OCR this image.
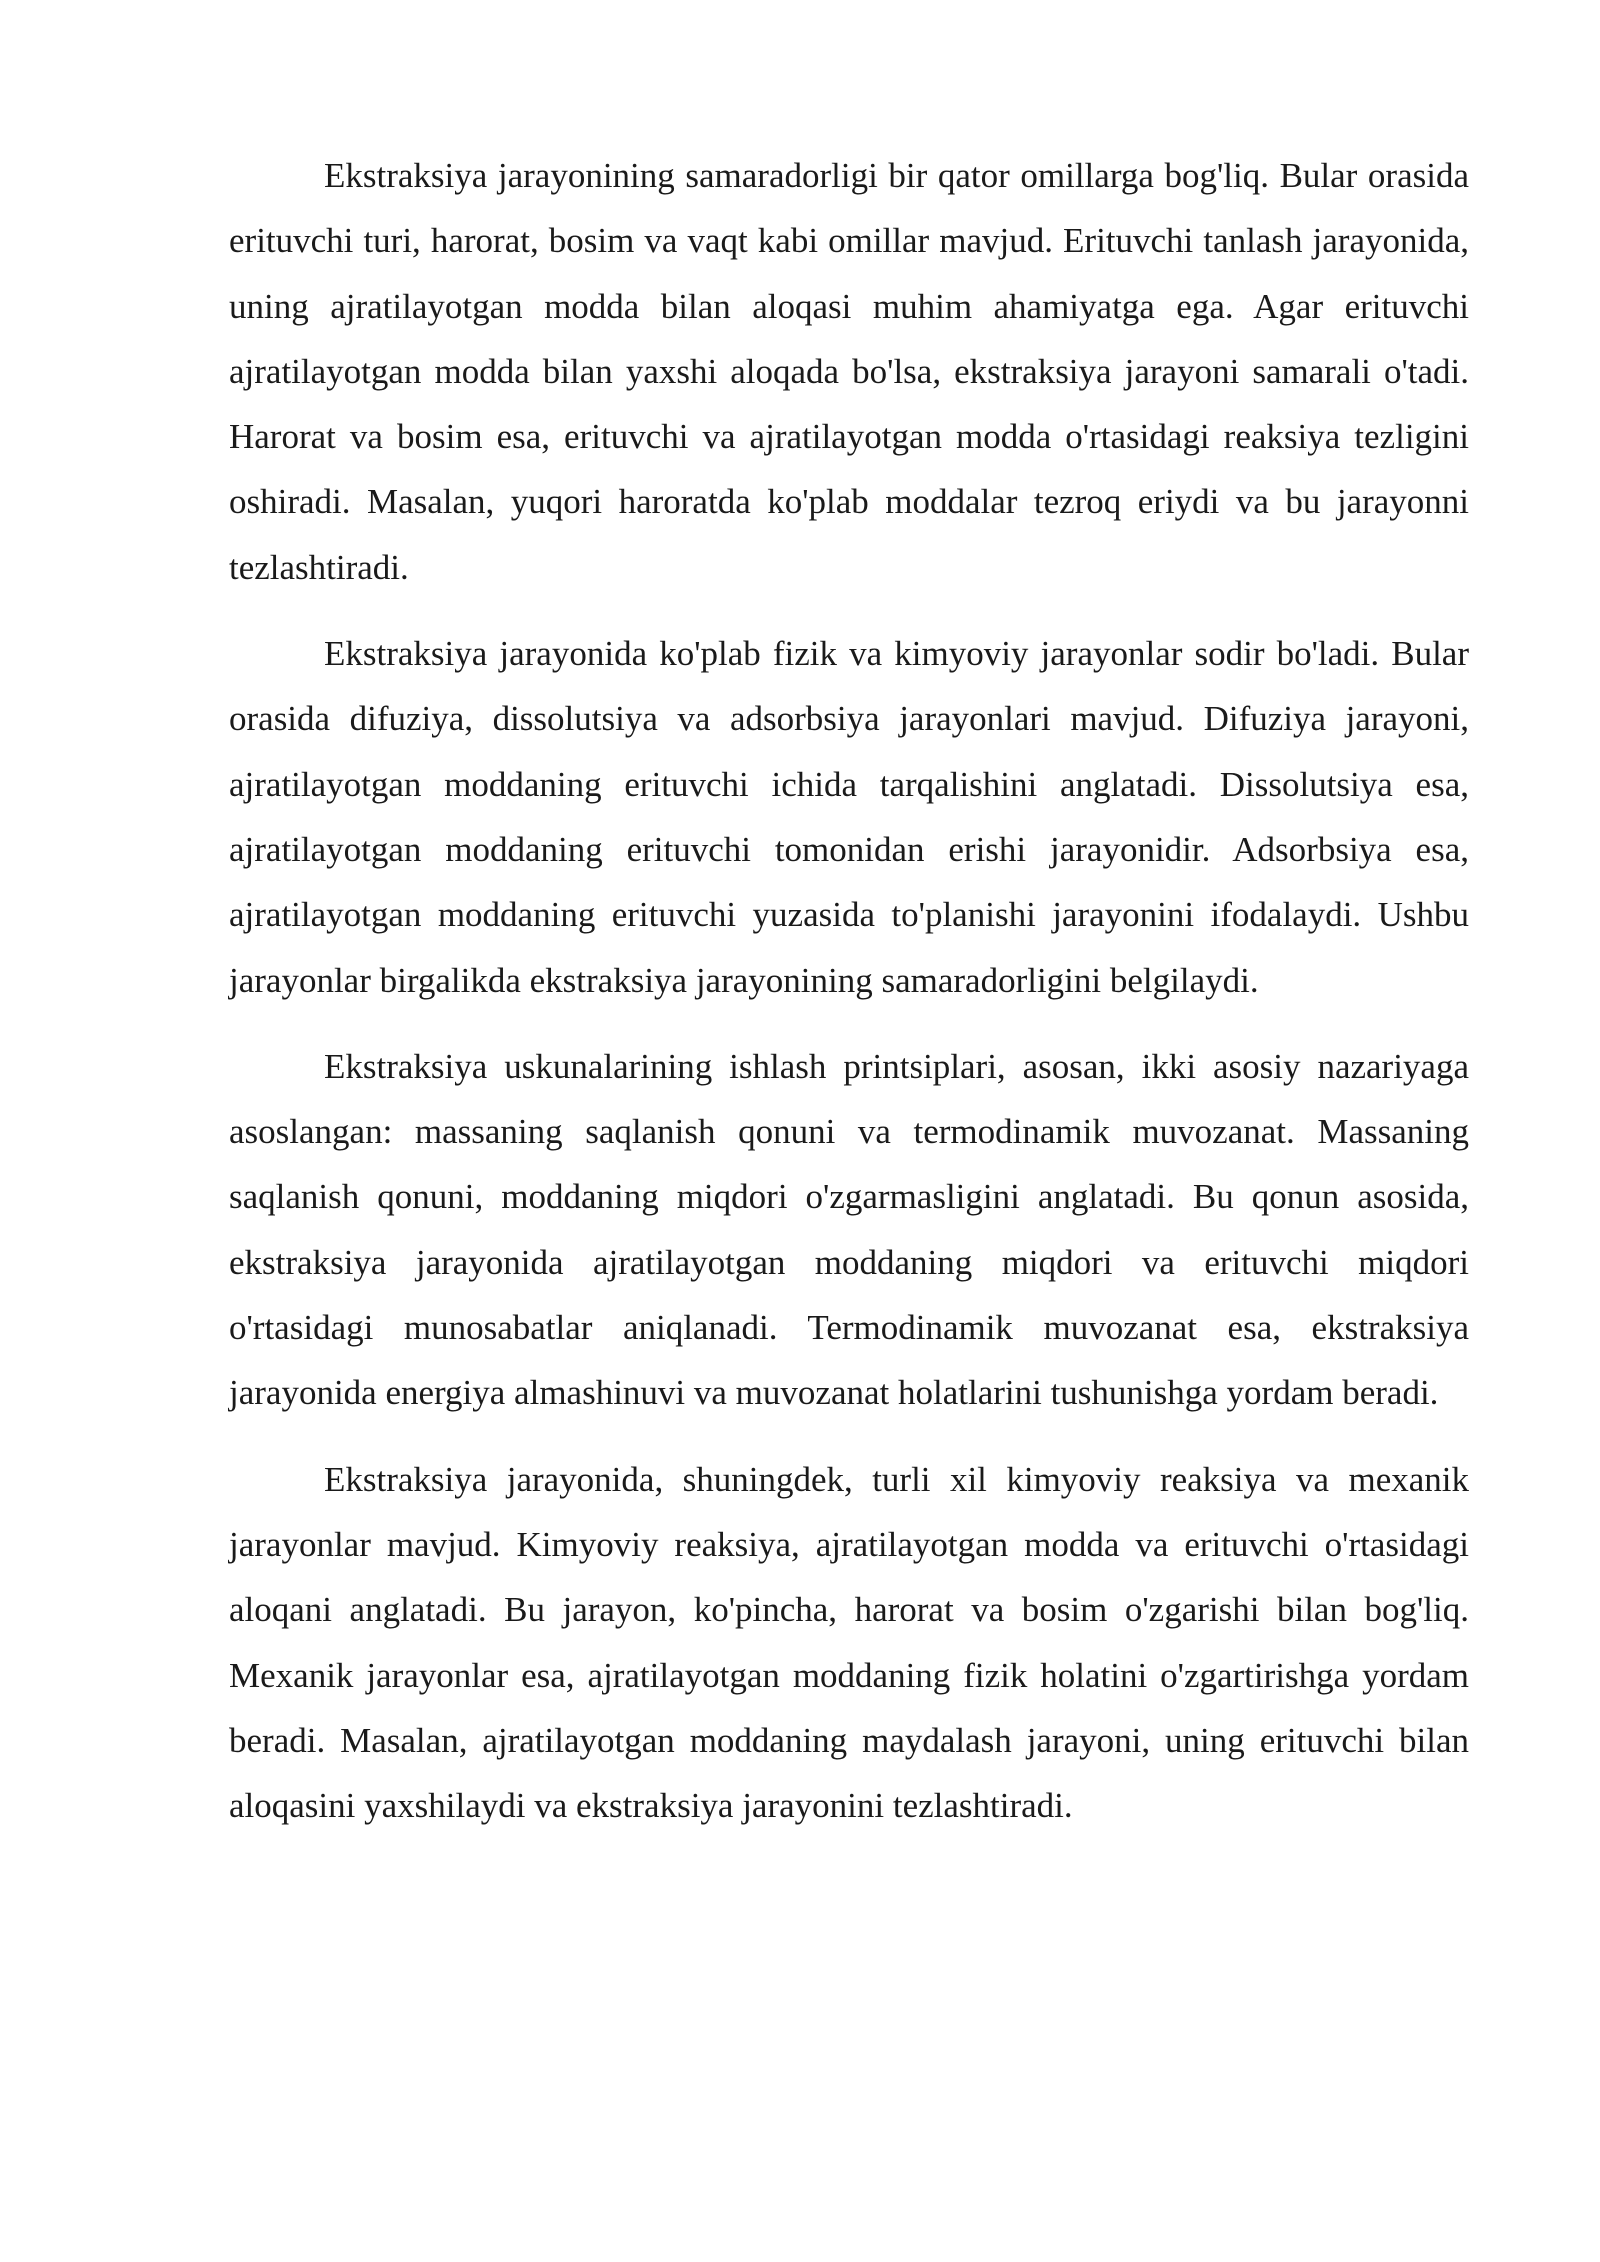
Ekstraksiya jarayonining samaradorligi bir qator omillarga bog'liq. Bular orasida erituvchi turi, harorat, bosim va vaqt kabi omillar mavjud. Erituvchi tanlash jarayonida, uning ajratilayotgan modda bilan aloqasi muhim ahamiyatga ega. Agar erituvchi ajratilayotgan modda bilan yaxshi aloqada bo'lsa, ekstraksiya jarayoni samarali o'tadi. Harorat va bosim esa, erituvchi va ajratilayotgan modda o'rtasidagi reaksiya tezligini oshiradi. Masalan, yuqori haroratda ko'plab moddalar tezroq eriydi va bu jarayonni tezlashtiradi.

Ekstraksiya jarayonida ko'plab fizik va kimyoviy jarayonlar sodir bo'ladi. Bular orasida difuziya, dissolutsiya va adsorbsiya jarayonlari mavjud. Difuziya jarayoni, ajratilayotgan moddaning erituvchi ichida tarqalishini anglatadi. Dissolutsiya esa, ajratilayotgan moddaning erituvchi tomonidan erishi jarayonidir. Adsorbsiya esa, ajratilayotgan moddaning erituvchi yuzasida to'planishi jarayonini ifodalaydi. Ushbu jarayonlar birgalikda ekstraksiya jarayonining samaradorligini belgilaydi.

Ekstraksiya uskunalarining ishlash printsiplari, asosan, ikki asosiy nazariyaga asoslangan: massaning saqlanish qonuni va termodinamik muvozanat. Massaning saqlanish qonuni, moddaning miqdori o'zgarmasligini anglatadi. Bu qonun asosida, ekstraksiya jarayonida ajratilayotgan moddaning miqdori va erituvchi miqdori o'rtasidagi munosabatlar aniqlanadi. Termodinamik muvozanat esa, ekstraksiya jarayonida energiya almashinuvi va muvozanat holatlarini tushunishga yordam beradi.

Ekstraksiya jarayonida, shuningdek, turli xil kimyoviy reaksiya va mexanik jarayonlar mavjud. Kimyoviy reaksiya, ajratilayotgan modda va erituvchi o'rtasidagi aloqani anglatadi. Bu jarayon, ko'pincha, harorat va bosim o'zgarishi bilan bog'liq. Mexanik jarayonlar esa, ajratilayotgan moddaning fizik holatini o'zgartirishga yordam beradi. Masalan, ajratilayotgan moddaning maydalash jarayoni, uning erituvchi bilan aloqasini yaxshilaydi va ekstraksiya jarayonini tezlashtiradi.
